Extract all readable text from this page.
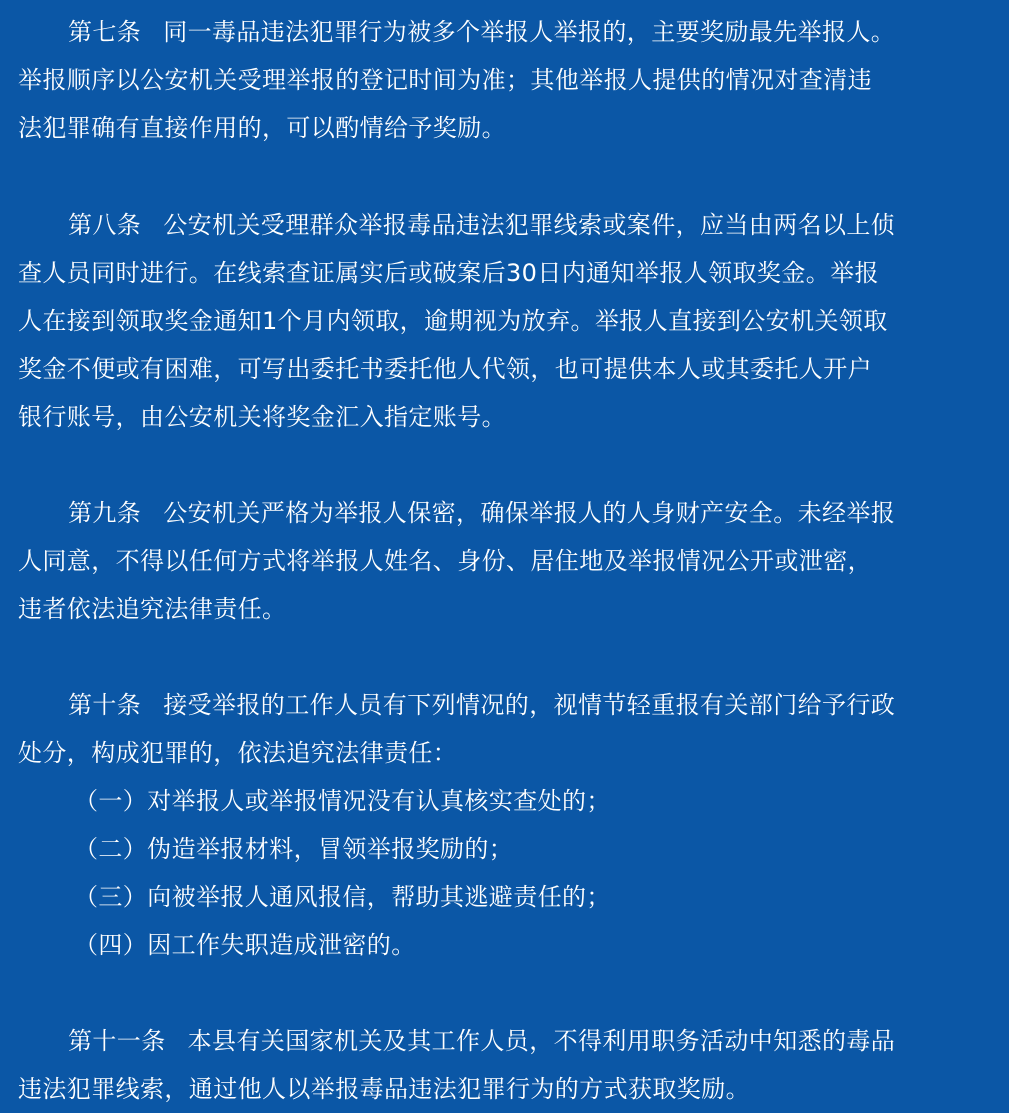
第七条 同一毒品违法犯罪行为被多个举报人举报的，主要奖励最先举报人。
举报顺序以公安机关受理举报的登记时间为准；其他举报人提供的情况对查清违
法犯罪确有直接作用的，可以酌情给予奖励。
第八条 公安机关受理群众举报毒品违法犯罪线索或案件，应当由两名以上侦
查人员同时进行。在线索查证属实后或破案后30日内通知举报人领取奖金。举报
人在接到领取奖金通知1个月内领取，逾期视为放弃。举报人直接到公安机关领取
奖金不便或有困难，可写出委托书委托他人代领，也可提供本人或其委托人开户
银行账号，由公安机关将奖金汇入指定账号。
第九条 公安机关严格为举报人保密，确保举报人的人身财产安全。未经举报
人同意，不得以任何方式将举报人姓名、身份、居住地及举报情况公开或泄密，
违者依法追究法律责任。
第十条 接受举报的工作人员有下列情况的，视情节轻重报有关部门给予行政
处分，构成犯罪的，依法追究法律责任：
（一）对举报人或举报情况没有认真核实查处的；
（二）伪造举报材料，冒领举报奖励的；
（三）向被举报人通风报信，帮助其逃避责任的；
（四）因工作失职造成泄密的。
第十一条 本县有关国家机关及其工作人员，不得利用职务活动中知悉的毒品
违法犯罪线索，通过他人以举报毒品违法犯罪行为的方式获取奖励。
